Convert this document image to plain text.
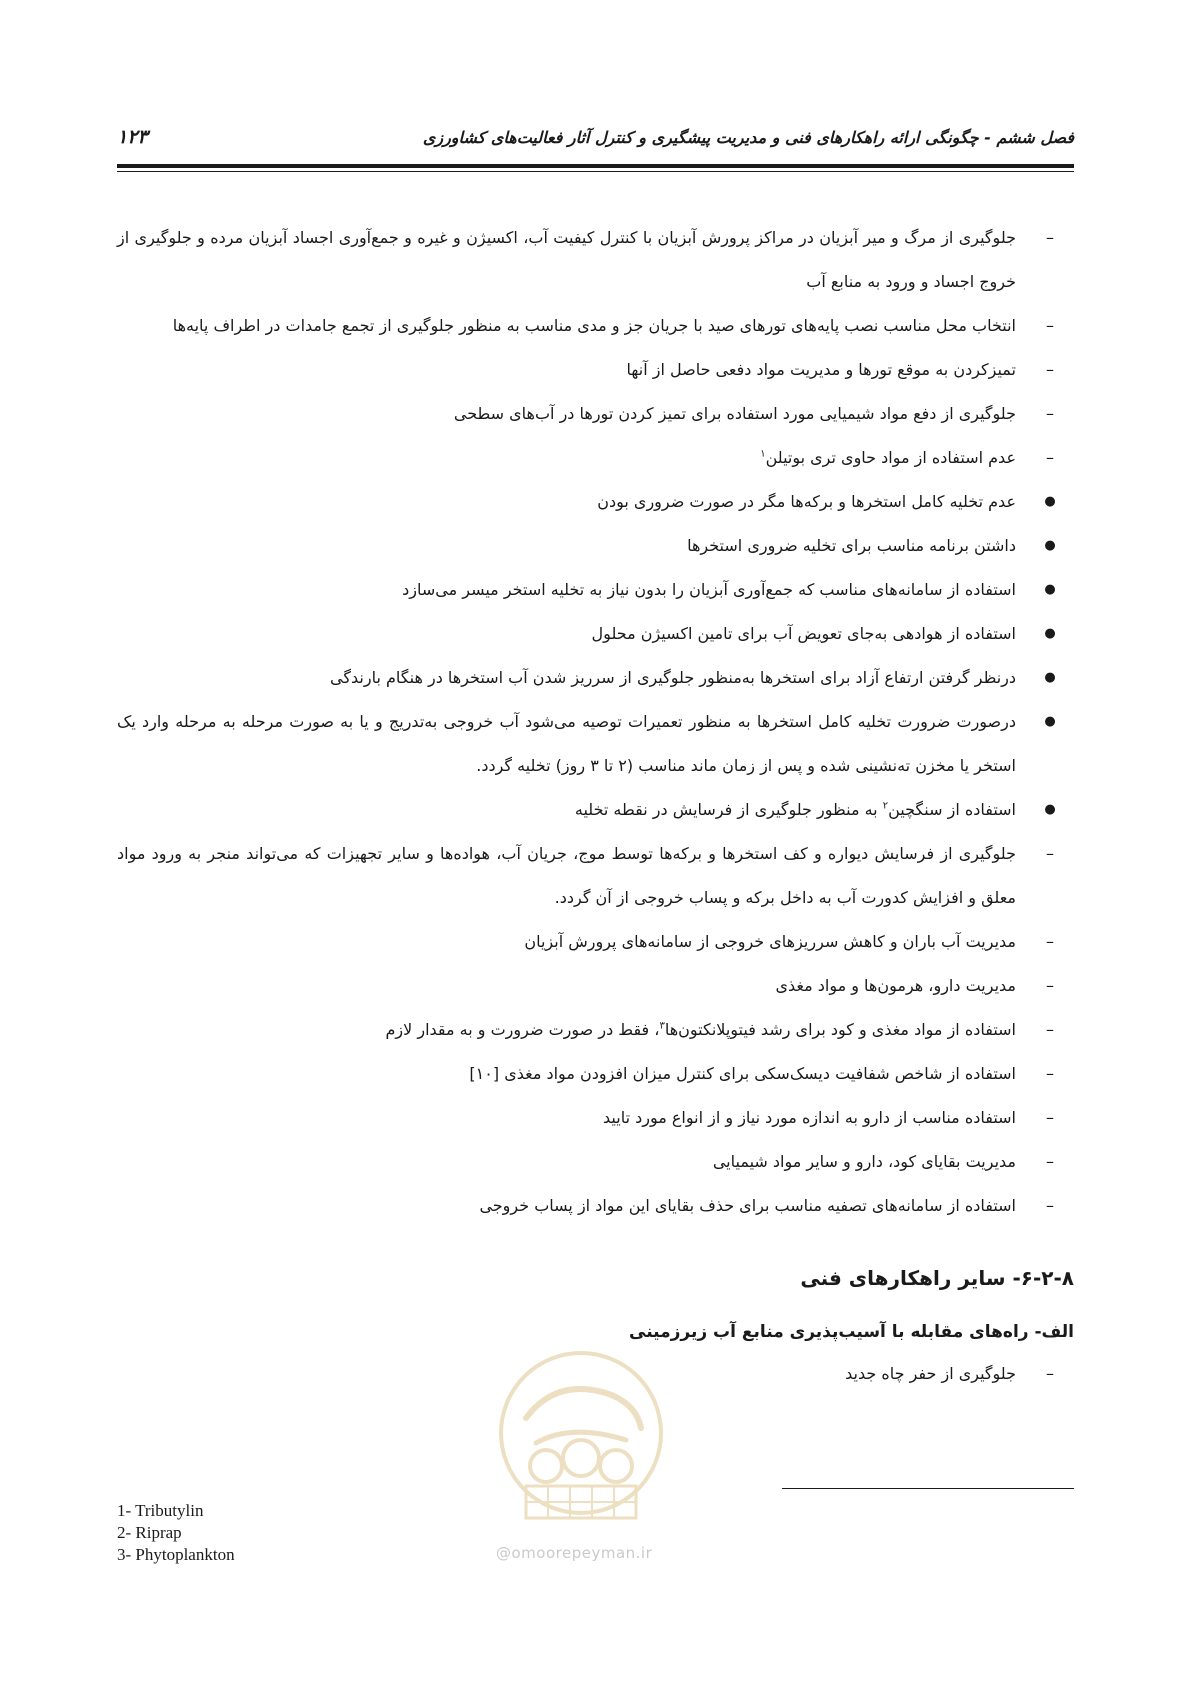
فصل ششم - چگونگی ارائه راهکارهای فنی و مدیریت پیشگیری و کنترل آثار فعالیت‌های کشاورزی
۱۲۳
–
جلوگیری از مرگ و میر آبزیان در مراکز پرورش آبزیان با کنترل کیفیت آب، اکسیژن و غیره و جمع‌آوری اجساد آبزیان مرده و جلوگیری از خروج اجساد و ورود به منابع آب
–
انتخاب محل مناسب نصب پایه‌های تورهای صید با جریان جز و مدی مناسب به منظور جلوگیری از تجمع جامدات در اطراف پایه‌ها
–
تمیزکردن به موقع تورها و مدیریت مواد دفعی حاصل از آنها
–
جلوگیری از دفع مواد شیمیایی مورد استفاده برای تمیز کردن تورها در آب‌های سطحی
–
عدم استفاده از مواد حاوی تری بوتیلن$^۱$
●
عدم تخلیه کامل استخرها و برکه‌ها مگر در صورت ضروری بودن
●
داشتن برنامه مناسب برای تخلیه ضروری استخرها
●
استفاده از سامانه‌های مناسب که جمع‌آوری آبزیان را بدون نیاز به تخلیه استخر میسر می‌سازد
●
استفاده از هوادهی به‌جای تعویض آب برای تامین اکسیژن محلول
●
درنظر گرفتن ارتفاع آزاد برای استخرها به‌منظور جلوگیری از سرریز شدن آب استخرها در هنگام بارندگی
●
درصورت ضرورت تخلیه کامل استخرها به منظور تعمیرات توصیه می‌شود آب خروجی به‌تدریج و یا به صورت مرحله به مرحله وارد یک استخر یا مخزن ته‌نشینی شده و پس از زمان ماند مناسب (۲ تا ۳ روز) تخلیه گردد.
●
استفاده از سنگچین$^۲$ به منظور جلوگیری از فرسایش در نقطه تخلیه
–
جلوگیری از فرسایش دیواره و کف استخرها و برکه‌ها توسط موج، جریان آب، هواده‌ها و سایر تجهیزات که می‌تواند منجر به ورود مواد معلق و افزایش کدورت آب به داخل برکه و پساب خروجی از آن گردد.
–
مدیریت آب باران و کاهش سرریزهای خروجی از سامانه‌های پرورش آبزیان
–
مدیریت دارو، هرمون‌ها و مواد مغذی
–
استفاده از مواد مغذی و کود برای رشد فیتوپلانکتون‌ها$^۳$، فقط در صورت ضرورت و به مقدار لازم
–
استفاده از شاخص شفافیت دیسک‌سکی برای کنترل میزان افزودن مواد مغذی [۱۰]
–
استفاده مناسب از دارو به اندازه مورد نیاز و از انواع مورد تایید
–
مدیریت بقایای کود، دارو و سایر مواد شیمیایی
–
استفاده از سامانه‌های تصفیه مناسب برای حذف بقایای این مواد از پساب خروجی
۶-۲-۸- سایر راهکارهای فنی
الف- راه‌های مقابله با آسیب‌پذیری منابع آب زیرزمینی
–
جلوگیری از حفر چاه جدید
@omoorepeyman.ir
1- Tributylin
2- Riprap
3- Phytoplankton
